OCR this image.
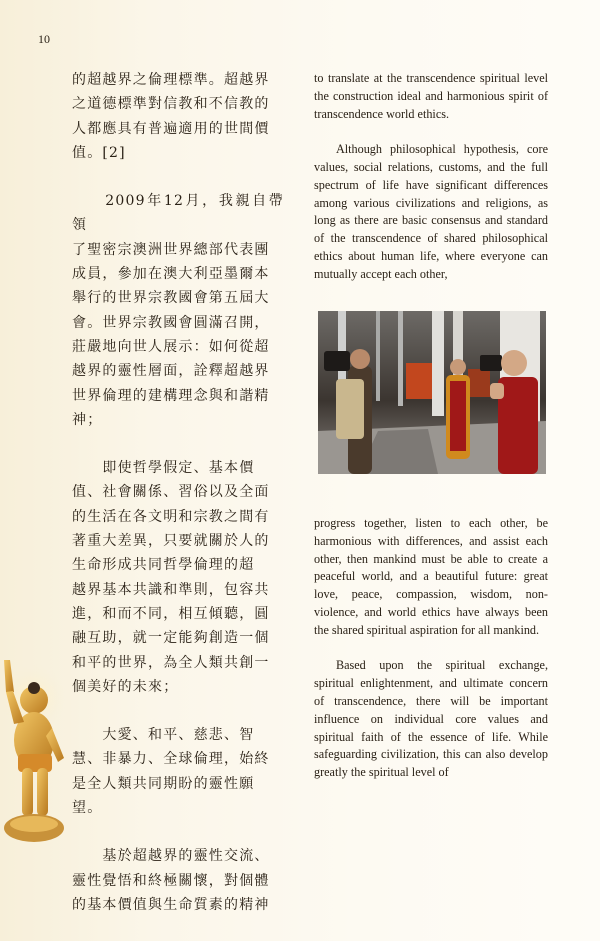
10

的超越界之倫理標準。超越界
之道德標準對信教和不信教的
人都應具有普遍適用的世間價
值。[2]

　　2009年12月，我親自帶領
了聖密宗澳洲世界總部代表團
成員，參加在澳大利亞墨爾本
舉行的世界宗教國會第五屆大
會。世界宗教國會圓滿召開，
莊嚴地向世人展示：如何從超
越界的靈性層面，詮釋超越界
世界倫理的建構理念與和諧精
神；

　　即使哲學假定、基本價
值、社會關係、習俗以及全面
的生活在各文明和宗教之間有
著重大差異，只要就關於人的
生命形成共同哲學倫理的超
越界基本共識和準則，包容共
進，和而不同，相互傾聽，圓
融互助，就一定能夠創造一個
和平的世界，為全人類共創一
個美好的未來；

　　大愛、和平、慈悲、智
慧、非暴力、全球倫理，始終
是全人類共同期盼的靈性願
望。

　　基於超越界的靈性交流、
靈性覺悟和終極關懷，對個體
的基本價值與生命質素的精神

to translate at the transcendence spiritual level the construction ideal and harmonious spirit of transcendence world ethics.

Although philosophical hypothesis, core values, social relations, customs, and the full spectrum of life have significant differences among various civilizations and religions, as long as there are basic consensus and standard of the transcendence of shared philosophical ethics about human life, where everyone can mutually accept each other,

progress together, listen to each other, be harmonious with differences, and assist each other, then mankind must be able to create a peaceful world, and a beautiful future: great love, peace, compassion, wisdom, non-violence, and world ethics have always been the shared spiritual aspiration for all mankind.

Based upon the spiritual exchange, spiritual enlightenment, and ultimate concern of transcendence, there will be important influence on individual core values and spiritual faith of the essence of life. While safeguarding civilization, this can also develop greatly the spiritual level of
